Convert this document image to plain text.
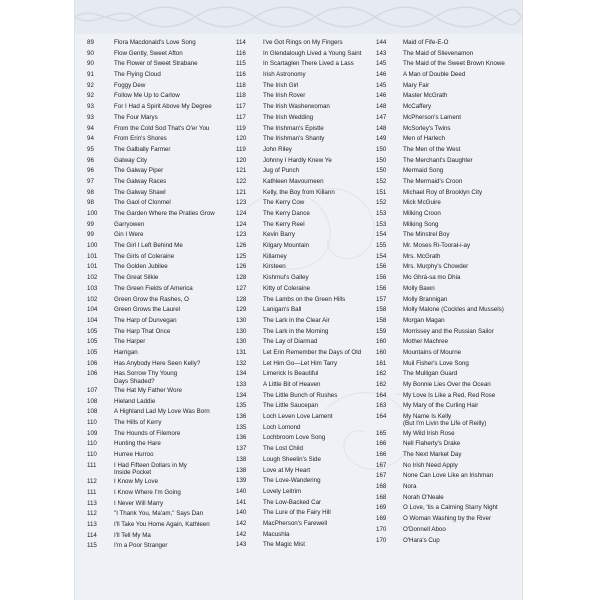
89	Flora Macdonald's Love Song
90	Flow Gently, Sweet Afton
90	The Flower of Sweet Strabane
91	The Flying Cloud
92	Foggy Dew
92	Follow Me Up to Carlow
93	For I Had a Spirit Above My Degree
93	The Four Marys
94	From the Cold Sod That's O'er You
94	From Erin's Shores
95	The Galbally Farmer
96	Galway City
96	The Galway Piper
97	The Galway Races
98	The Galway Shawl
98	The Gaol of Clonmel
100	The Garden Where the Praties Grow
99	Garryowen
99	Gin I Were
100	The Girl I Left Behind Me
101	The Girls of Coleraine
101	The Golden Jubilee
102	The Great Silkie
103	The Green Fields of America
102	Green Grow the Rashes, O
104	Green Grows the Laurel
104	The Harp of Dunvegan
105	The Harp That Once
105	The Harper
105	Harrigan
106	Has Anybody Here Seen Kelly?
106	Has Sorrow Thy Young
Days Shaded?
107	The Hat My Father Wore
108	Hieland Laddie
108	A Highland Lad My Love Was Born
110	The Hills of Kerry
109	The Hounds of Filemore
110	Hunting the Hare
110	Hurree Hurroo
111	I Had Fifteen Dollars in My
Inside Pocket
112	I Know My Love
111	I Know Where I'm Going
113	I Never Will Marry
112	"I Thank You, Ma'am," Says Dan
113	I'll Take You Home Again, Kathleen
114	I'll Tell My Ma
115	I'm a Poor Stranger
114	I've Got Rings on My Fingers
116	In Glendalough Lived a Young Saint
115	In Scartaglen There Lived a Lass
116	Irish Astronomy
118	The Irish Girl
118	The Irish Rover
117	The Irish Washerwoman
117	The Irish Wedding
119	The Irishman's Epistle
120	The Irishman's Shanty
119	John Riley
120	Johnny I Hardly Knew Ye
121	Jug of Punch
122	Kathleen Mavourneen
121	Kelly, the Boy from Killann
123	The Kerry Cow
124	The Kerry Dance
124	The Kerry Reel
123	Kevin Barry
126	Kilgary Mountain
125	Killarney
126	Kirsteen
128	Kishmul's Galley
127	Kitty of Coleraine
128	The Lambs on the Green Hills
129	Lanigan's Ball
130	The Lark in the Clear Air
130	The Lark in the Morning
130	The Lay of Diarmad
131	Let Erin Remember the Days of Old
132	Let Him Go—Let Him Tarry
134	Limerick Is Beautiful
133	A Little Bit of Heaven
134	The Little Bunch of Rushes
135	The Little Saucepan
136	Loch Leven Love Lament
135	Loch Lomond
136	Lochbroom Love Song
137	The Lost Child
138	Lough Sheelin's Side
138	Love at My Heart
139	The Love-Wandering
140	Lovely Leitrim
141	The Low-Backed Car
140	The Lure of the Fairy Hill
142	MacPherson's Farewell
142	Macushla
143	The Magic Mist
144	Maid of Fife-E-O
143	The Maid of Slievenamon
145	The Maid of the Sweet Brown Knowe
146	A Man of Double Deed
145	Mary Fair
146	Master McGrath
148	McCaffery
147	McPherson's Lament
148	McSorley's Twins
149	Men of Harlech
150	The Men of the West
150	The Merchant's Daughter
150	Mermaid Song
152	The Mermaid's Croon
151	Michael Roy of Brooklyn City
152	Mick McGuire
153	Milking Croon
153	Milking Song
154	The Minstrel Boy
155	Mr. Moses Ri-Toorał-i-ay
154	Mrs. McGrath
156	Mrs. Murphy's Chowder
156	Mo Ghrá-sa mo Dhia
156	Molly Bawn
157	Molly Brannigan
158	Molly Malone (Cockles and Mussels)
158	Morgan Magan
159	Morrissey and the Russian Sailor
160	Mother Machree
160	Mountains of Mourne
161	Muil Fisher's Love Song
162	The Mulligan Guard
162	My Bonnie Lies Over the Ocean
164	My Love Is Like a Red, Red Rose
163	My Mary of the Curling Hair
164	My Name Is Kelly
(But I'm Livin the Life of Reilly)
165	My Wild Irish Rose
166	Nell Flaherty's Drake
166	The Next Market Day
167	No Irish Need Apply
167	None Can Love Like an Irishman
168	Nora
168	Norah O'Neale
169	O Love, 'tis a Calming Starry Night
169	O Woman Washing by the River
170	O'Donnell Aboo
170	O'Hara's Cup
